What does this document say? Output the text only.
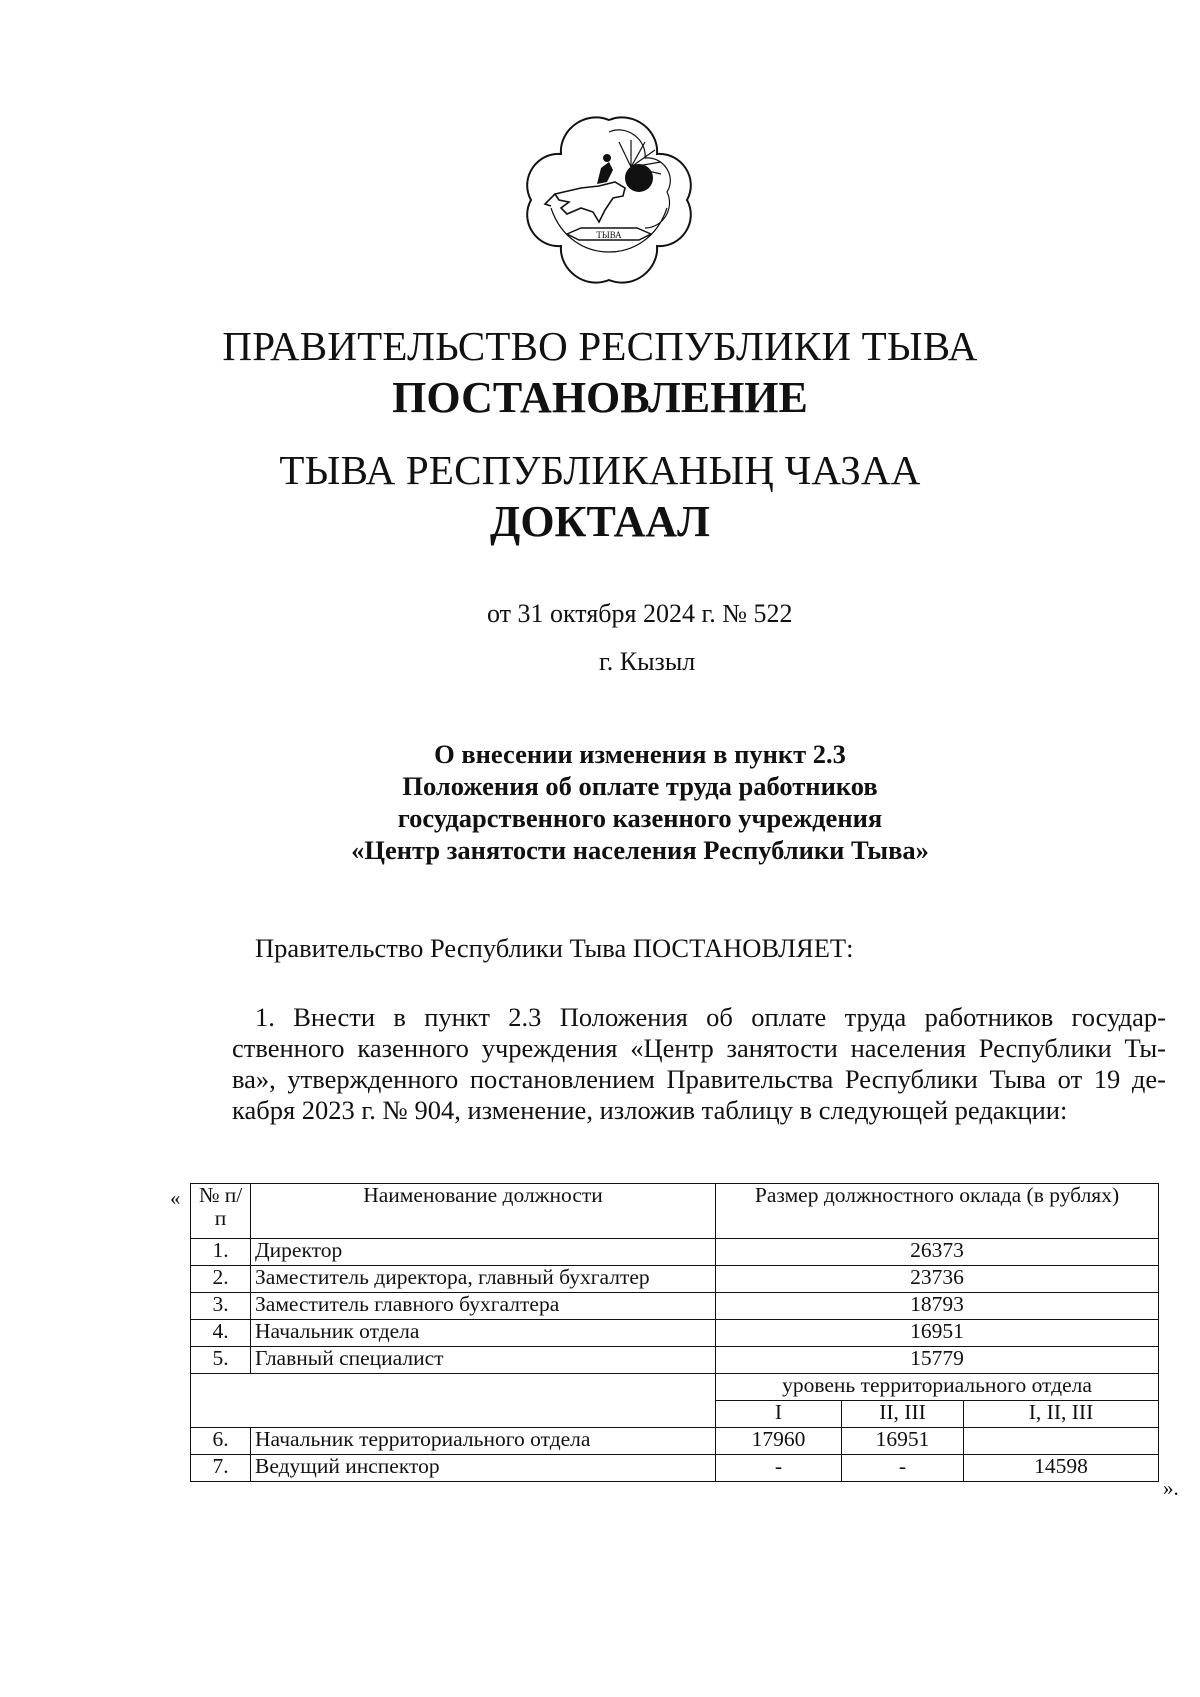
ТЫВА
ПРАВИТЕЛЬСТВО РЕСПУБЛИКИ ТЫВА
ПОСТАНОВЛЕНИЕ
ТЫВА РЕСПУБЛИКАНЫҢ ЧАЗАА
ДОКТААЛ
от 31 октября 2024 г. № 522
г. Кызыл
О внесении изменения в пункт 2.3
Положения об оплате труда работников
государственного казенного учреждения
«Центр занятости населения Республики Тыва»
Правительство Республики Тыва ПОСТАНОВЛЯЕТ:
1. Внести в пункт 2.3 Положения об оплате труда работников государ-
ственного казенного учреждения «Центр занятости населения Республики Ты-
ва», утвержденного постановлением Правительства Республики Тыва от 19 де-
кабря 2023 г. № 904, изменение, изложив таблицу в следующей редакции:
« № п/п	Наименование должности	Размер должностного оклада (в рублях)		
1.	Директор	26373		
2.	Заместитель директора, главный бухгалтер	23736		
3.	Заместитель главного бухгалтера	18793		
4.	Начальник отдела	16951		
5.	Главный специалист	15779		
		уровень территориального отдела		
		I	II, III	I, II, III
6.	Начальник территориального отдела	17960	16951	
7.	Ведущий инспектор	-	-	14598
».
